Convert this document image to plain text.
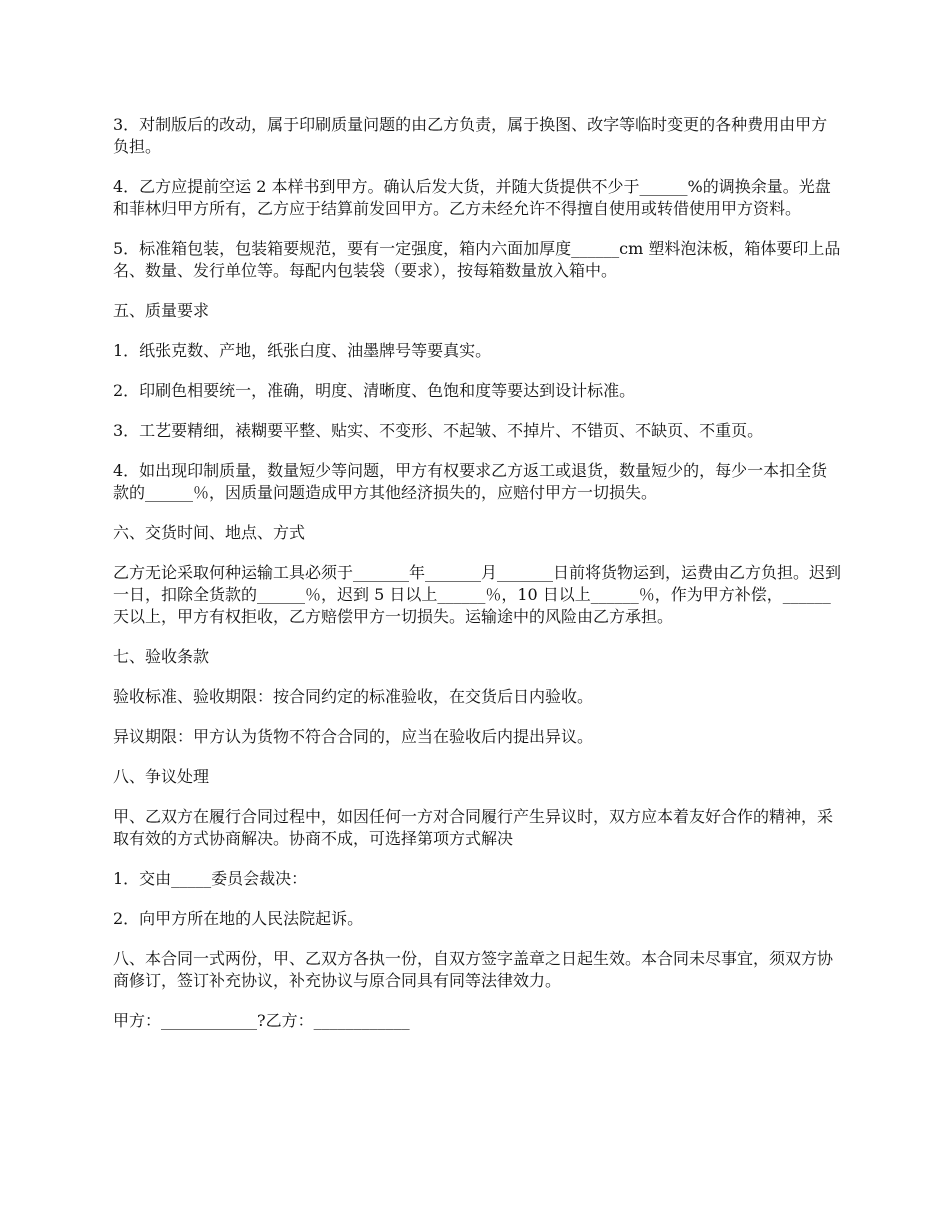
3．对制版后的改动，属于印刷质量问题的由乙方负责，属于换图、改字等临时变更的各种费用由甲方负担。

4．乙方应提前空运 2 本样书到甲方。确认后发大货，并随大货提供不少于______%的调换余量。光盘和菲林归甲方所有，乙方应于结算前发回甲方。乙方未经允许不得擅自使用或转借使用甲方资料。

5．标准箱包装，包装箱要规范，要有一定强度，箱内六面加厚度______cm 塑料泡沫板，箱体要印上品名、数量、发行单位等。每配内包装袋（要求），按每箱数量放入箱中。

五、质量要求

1．纸张克数、产地，纸张白度、油墨牌号等要真实。

2．印刷色相要统一，准确，明度、清晰度、色饱和度等要达到设计标准。

3．工艺要精细，裱糊要平整、贴实、不变形、不起皱、不掉片、不错页、不缺页、不重页。

4．如出现印制质量，数量短少等问题，甲方有权要求乙方返工或退货，数量短少的，每少一本扣全货款的______％，因质量问题造成甲方其他经济损失的，应赔付甲方一切损失。

六、交货时间、地点、方式

乙方无论采取何种运输工具必须于_______年_______月_______日前将货物运到，运费由乙方负担。迟到一日，扣除全货款的______％，迟到 5 日以上______％，10 日以上______％，作为甲方补偿，______天以上，甲方有权拒收，乙方赔偿甲方一切损失。运输途中的风险由乙方承担。

七、验收条款

验收标准、验收期限：按合同约定的标准验收，在交货后日内验收。

异议期限：甲方认为货物不符合合同的，应当在验收后内提出异议。

八、争议处理

甲、乙双方在履行合同过程中，如因任何一方对合同履行产生异议时，双方应本着友好合作的精神，采取有效的方式协商解决。协商不成，可选择第项方式解决

1．交由_____委员会裁决：

2．向甲方所在地的人民法院起诉。

八、本合同一式两份，甲、乙双方各执一份，自双方签字盖章之日起生效。本合同未尽事宜，须双方协商修订，签订补充协议，补充协议与原合同具有同等法律效力。

甲方：____________?乙方：____________
